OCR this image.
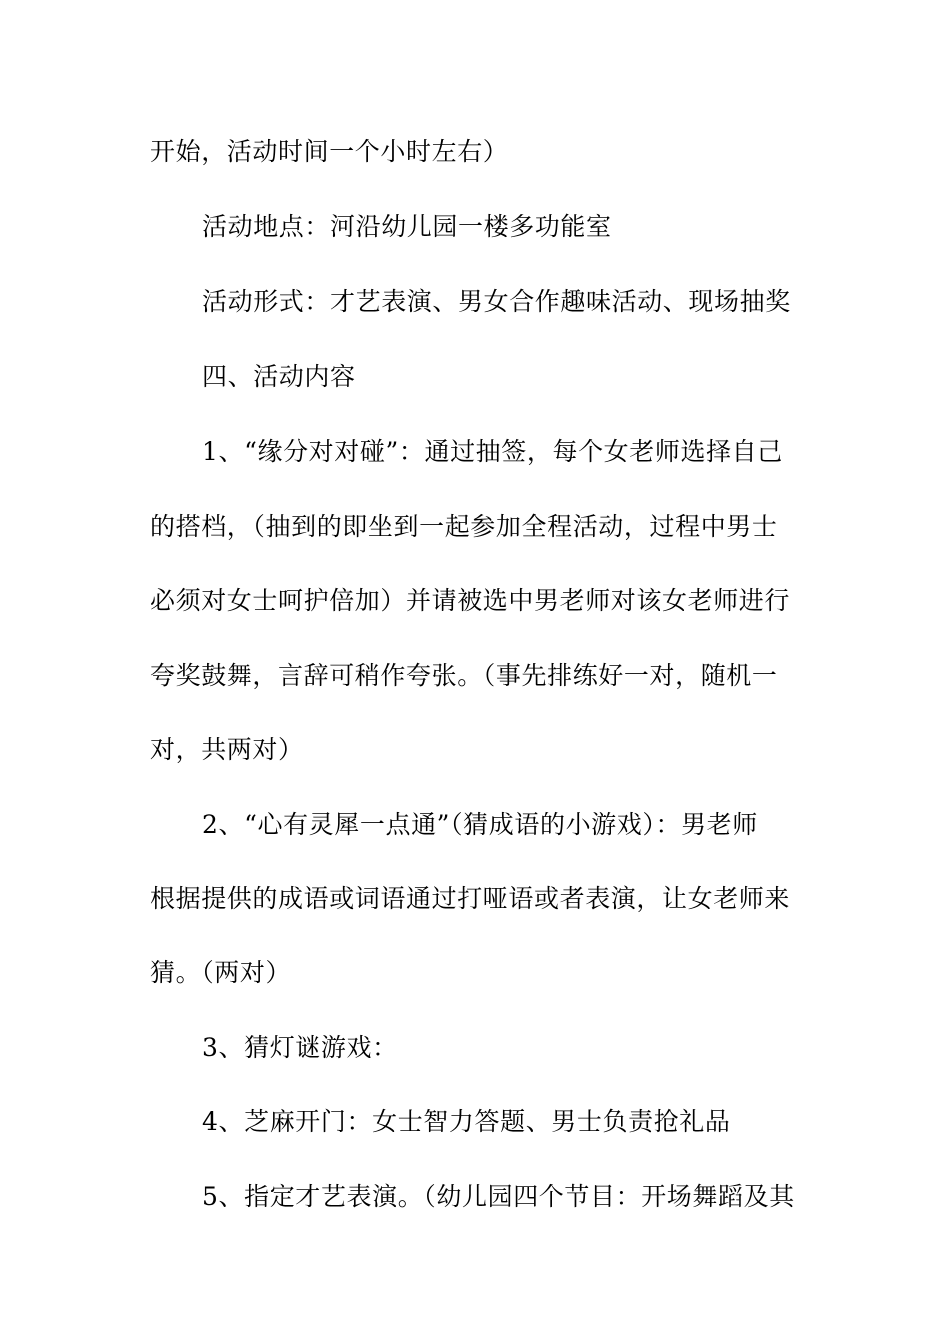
开始，活动时间一个小时左右）
活动地点：河沿幼儿园一楼多功能室
活动形式：才艺表演、男女合作趣味活动、现场抽奖
四、活动内容
1、“缘分对对碰”：通过抽签，每个女老师选择自己
的搭档，（抽到的即坐到一起参加全程活动，过程中男士
必须对女士呵护倍加）并请被选中男老师对该女老师进行
夸奖鼓舞，言辞可稍作夸张。（事先排练好一对，随机一
对，共两对）
2、“心有灵犀一点通”（猜成语的小游戏）：男老师
根据提供的成语或词语通过打哑语或者表演，让女老师来
猜。（两对）
3、猜灯谜游戏：
4、芝麻开门：女士智力答题、男士负责抢礼品
5、指定才艺表演。（幼儿园四个节目：开场舞蹈及其
